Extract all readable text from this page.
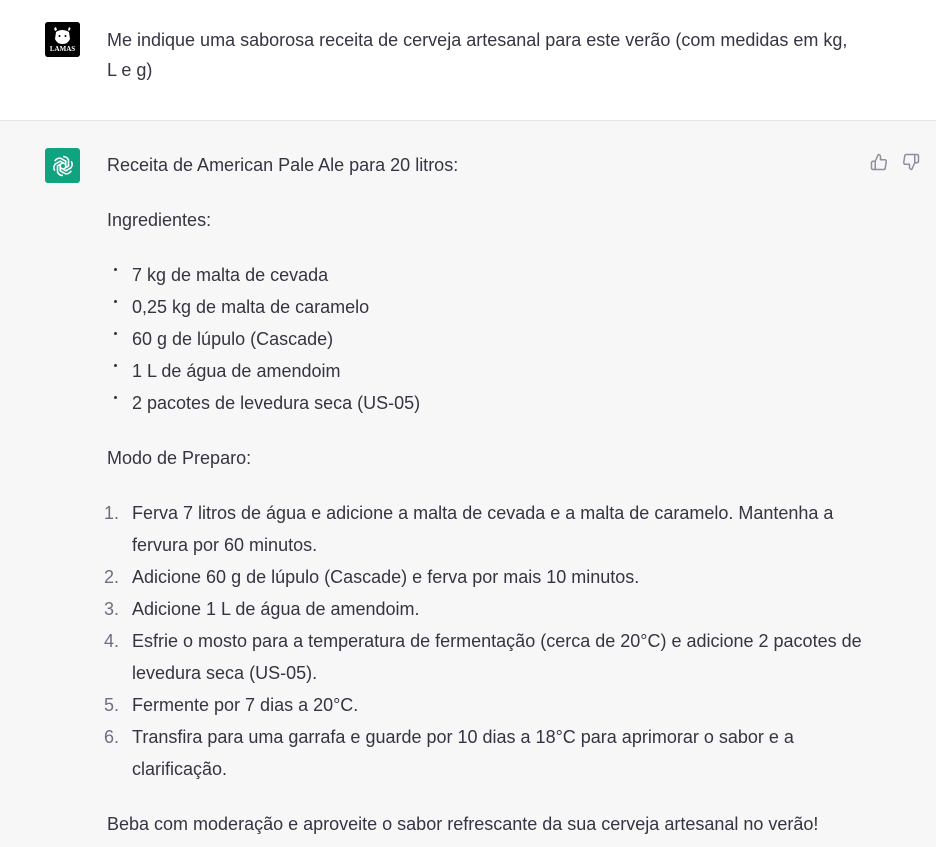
LAMAS Me indique uma saborosa receita de cerveja artesanal para este verão (com medidas em kg, L e g)

Receita de American Pale Ale para 20 litros:

Ingredientes:

7 kg de malta de cevada
0,25 kg de malta de caramelo
60 g de lúpulo (Cascade)
1 L de água de amendoim
2 pacotes de levedura seca (US-05)

Modo de Preparo:

1. Ferva 7 litros de água e adicione a malta de cevada e a malta de caramelo. Mantenha a fervura por 60 minutos.
2. Adicione 60 g de lúpulo (Cascade) e ferva por mais 10 minutos.
3. Adicione 1 L de água de amendoim.
4. Esfrie o mosto para a temperatura de fermentação (cerca de 20°C) e adicione 2 pacotes de levedura seca (US-05).
5. Fermente por 7 dias a 20°C.
6. Transfira para uma garrafa e guarde por 10 dias a 18°C para aprimorar o sabor e a clarificação.

Beba com moderação e aproveite o sabor refrescante da sua cerveja artesanal no verão!
